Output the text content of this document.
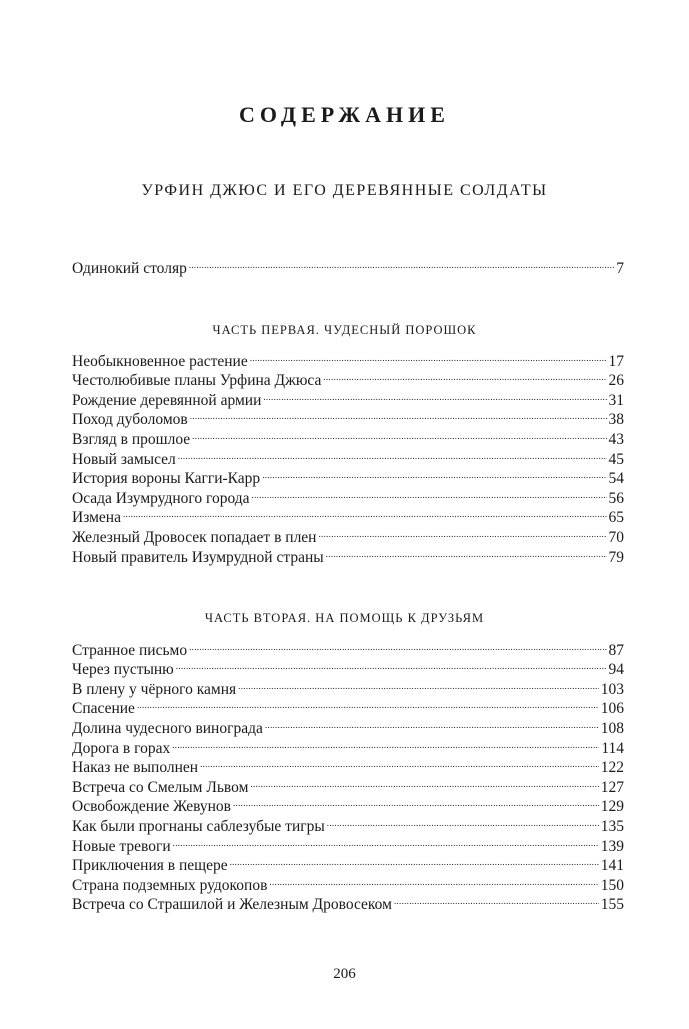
СОДЕРЖАНИЕ
УРФИН ДЖЮС И ЕГО ДЕРЕВЯННЫЕ СОЛДАТЫ
Одинокий столяр .....	7
ЧАСТЬ ПЕРВАЯ. ЧУДЕСНЫЙ ПОРОШОК
Необыкновенное растение .....	17
Честолюбивые планы Урфина Джюса .....	26
Рождение деревянной армии .....	31
Поход дуболомов .....	38
Взгляд в прошлое .....	43
Новый замысел .....	45
История вороны Кагги-Карр .....	54
Осада Изумрудного города .....	56
Измена .....	65
Железный Дровосек попадает в плен .....	70
Новый правитель Изумрудной страны .....	79
ЧАСТЬ ВТОРАЯ. НА ПОМОЩЬ К ДРУЗЬЯМ
Странное письмо .....	87
Через пустыню .....	94
В плену у чёрного камня .....	103
Спасение .....	106
Долина чудесного винограда .....	108
Дорога в горах .....	114
Наказ не выполнен .....	122
Встреча со Смелым Львом .....	127
Освобождение Жевунов .....	129
Как были прогнаны саблезубые тигры .....	135
Новые тревоги .....	139
Приключения в пещере .....	141
Страна подземных рудокопов .....	150
Встреча со Страшилой и Железным Дровосеком .....	155
206
